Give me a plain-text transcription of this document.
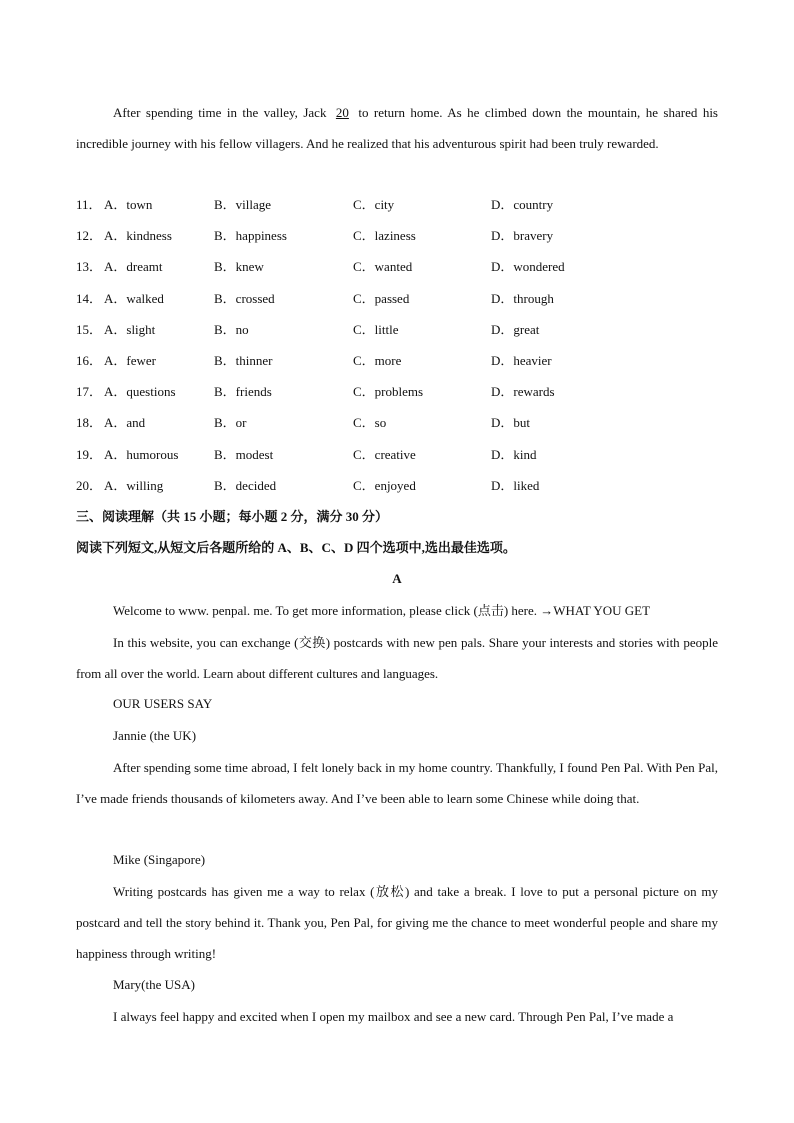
After spending time in the valley, Jack 20 to return home. As he climbed down the mountain, he shared his incredible journey with his fellow villagers. And he realized that his adventurous spirit had been truly rewarded.

11． A．town	B．village	C．city	D．country
12． A．kindness	B．happiness	C．laziness	D．bravery
13． A．dreamt	B．knew	C．wanted	D．wondered
14． A．walked	B．crossed	C．passed	D．through
15． A．slight	B．no	C．little	D．great
16． A．fewer	B．thinner	C．more	D．heavier
17． A．questions	B．friends	C．problems	D．rewards
18． A．and	B．or	C．so	D．but
19． A．humorous	B．modest	C．creative	D．kind
20． A．willing	B．decided	C．enjoyed	D．liked
三、阅读理解（共 15 小题；每小题 2 分，满分 30 分）
阅读下列短文,从短文后各题所给的 A、B、C、D 四个选项中,选出最佳选项。
A
Welcome to www. penpal. me. To get more information, please click (点击) here. →WHAT YOU GET

In this website, you can exchange (交换) postcards with new pen pals. Share your interests and stories with people from all over the world. Learn about different cultures and languages.

OUR USERS SAY
Jannie (the UK)

After spending some time abroad, I felt lonely back in my home country. Thankfully, I found Pen Pal. With Pen Pal, I’ve made friends thousands of kilometers away. And I’ve been able to learn some Chinese while doing that.

Mike (Singapore)

Writing postcards has given me a way to relax (放松) and take a break. I love to put a personal picture on my postcard and tell the story behind it. Thank you, Pen Pal, for giving me the chance to meet wonderful people and share my happiness through writing!

Mary(the USA)

I always feel happy and excited when I open my mailbox and see a new card. Through Pen Pal, I’ve made a
